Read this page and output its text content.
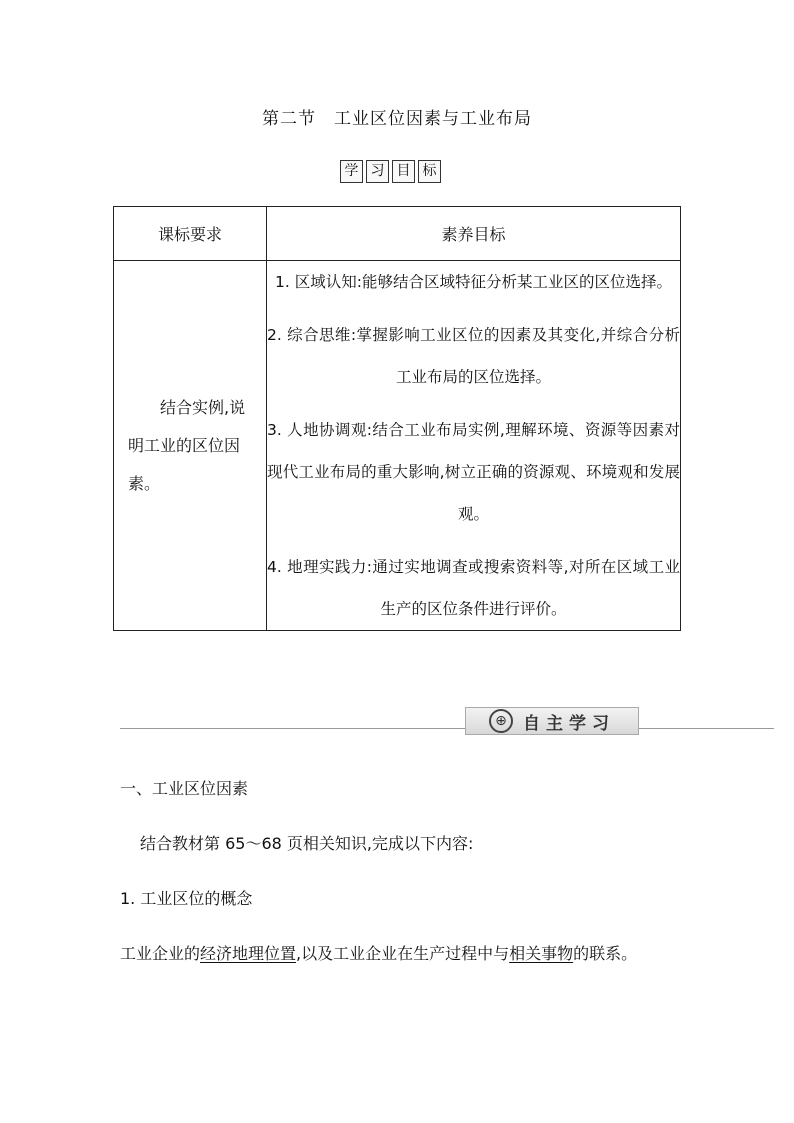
第二节　工业区位因素与工业布局
学 习 目 标
课标要求	素养目标

结合实例,说明工业的区位因素。	1. 区域认知:能够结合区域特征分析某工业区的区位选择。
2. 综合思维:掌握影响工业区位的因素及其变化,并综合分析工业布局的区位选择。
3. 人地协调观:结合工业布局实例,理解环境、资源等因素对现代工业布局的重大影响,树立正确的资源观、环境观和发展观。
4. 地理实践力:通过实地调查或搜索资料等,对所在区域工业生产的区位条件进行评价。
⊕ 自主学习
一、工业区位因素
结合教材第 65～68 页相关知识,完成以下内容:
1. 工业区位的概念
工业企业的经济地理位置,以及工业企业在生产过程中与相关事物的联系。
